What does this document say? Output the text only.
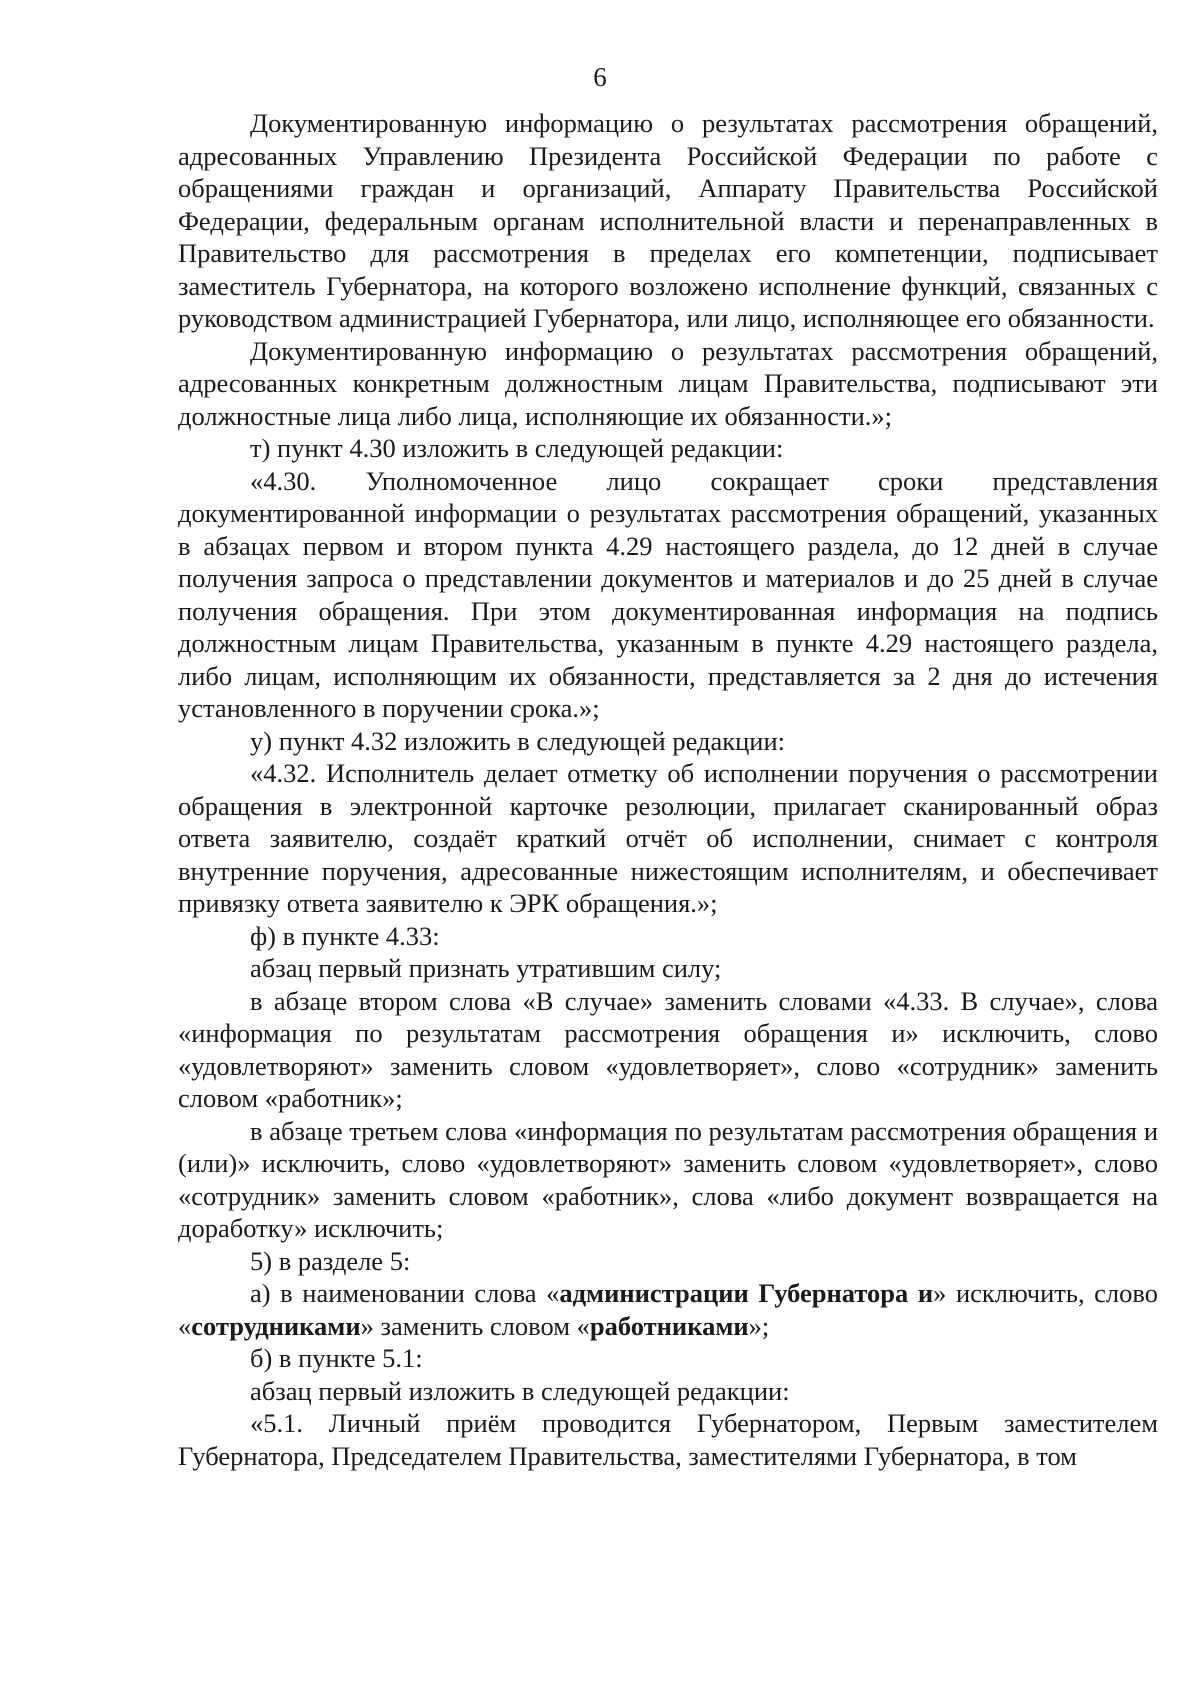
6

Документированную информацию о результатах рассмотрения обращений, адресованных Управлению Президента Российской Федерации по работе с обращениями граждан и организаций, Аппарату Правительства Российской Федерации, федеральным органам исполнительной власти и перенаправленных в Правительство для рассмотрения в пределах его компетенции, подписывает заместитель Губернатора, на которого возложено исполнение функций, связанных с руководством администрацией Губернатора, или лицо, исполняющее его обязанности.

Документированную информацию о результатах рассмотрения обращений, адресованных конкретным должностным лицам Правительства, подписывают эти должностные лица либо лица, исполняющие их обязанности.»;

т) пункт 4.30 изложить в следующей редакции:

«4.30. Уполномоченное лицо сокращает сроки представления документированной информации о результатах рассмотрения обращений, указанных в абзацах первом и втором пункта 4.29 настоящего раздела, до 12 дней в случае получения запроса о представлении документов и материалов и до 25 дней в случае получения обращения. При этом документированная информация на подпись должностным лицам Правительства, указанным в пункте 4.29 настоящего раздела, либо лицам, исполняющим их обязанности, представляется за 2 дня до истечения установленного в поручении срока.»;

у) пункт 4.32 изложить в следующей редакции:

«4.32. Исполнитель делает отметку об исполнении поручения о рассмотрении обращения в электронной карточке резолюции, прилагает сканированный образ ответа заявителю, создаёт краткий отчёт об исполнении, снимает с контроля внутренние поручения, адресованные нижестоящим исполнителям, и обеспечивает привязку ответа заявителю к ЭРК обращения.»;

ф) в пункте 4.33:

абзац первый признать утратившим силу;

в абзаце втором слова «В случае» заменить словами «4.33. В случае», слова «информация по результатам рассмотрения обращения и» исключить, слово «удовлетворяют» заменить словом «удовлетворяет», слово «сотрудник» заменить словом «работник»;

в абзаце третьем слова «информация по результатам рассмотрения обращения и (или)» исключить, слово «удовлетворяют» заменить словом «удовлетворяет», слово «сотрудник» заменить словом «работник», слова «либо документ возвращается на доработку» исключить;

5) в разделе 5:

а) в наименовании слова «администрации Губернатора и» исключить, слово «сотрудниками» заменить словом «работниками»;

б) в пункте 5.1:

абзац первый изложить в следующей редакции:

«5.1. Личный приём проводится Губернатором, Первым заместителем Губернатора, Председателем Правительства, заместителями Губернатора, в том
